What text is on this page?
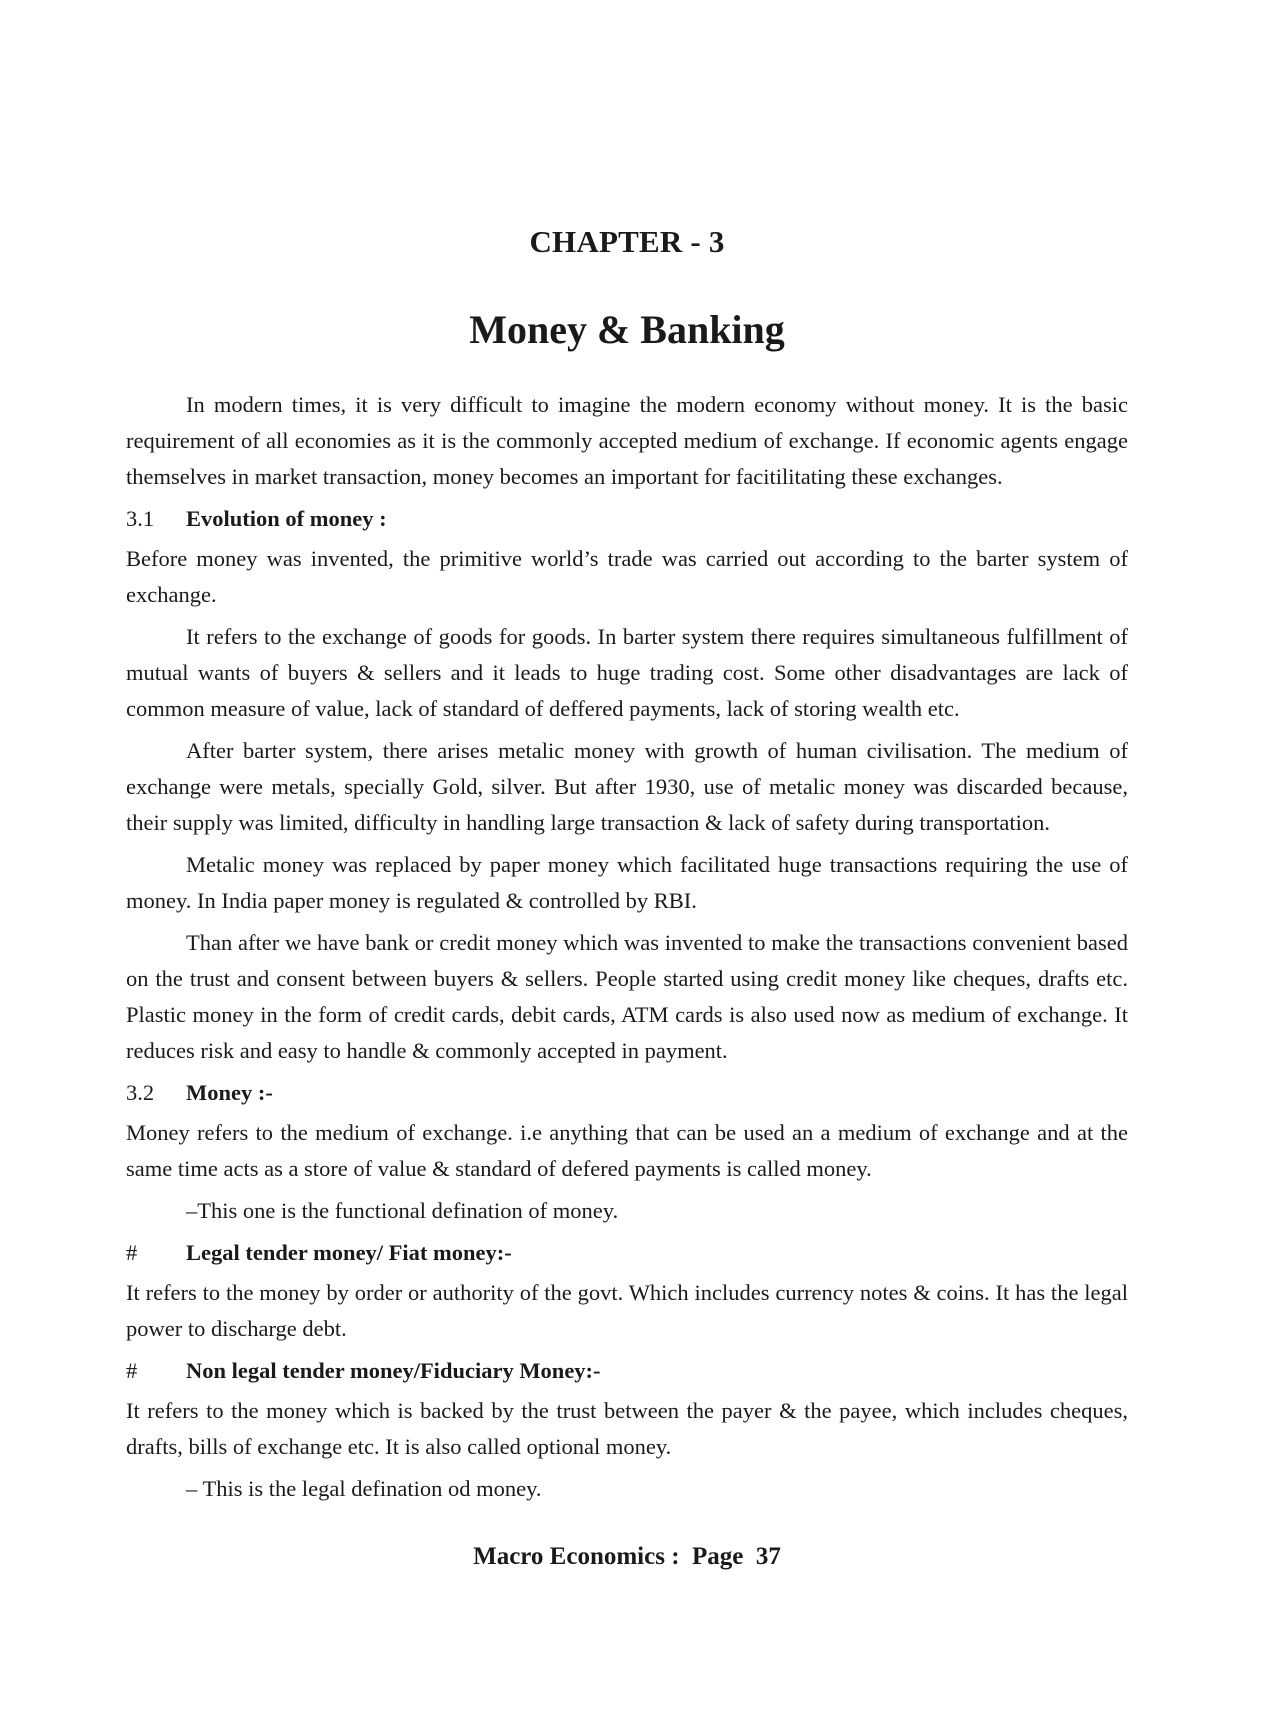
CHAPTER - 3
Money & Banking

In modern times, it is very difficult to imagine the modern economy without money. It is the basic requirement of all economies as it is the commonly accepted medium of exchange. If economic agents engage themselves in market transaction, money becomes an important for facitilitating these exchanges.

3.1	Evolution of money :

Before money was invented, the primitive world’s trade was carried out according to the barter system of exchange.

It refers to the exchange of goods for goods. In barter system there requires simultaneous fulfillment of mutual wants of buyers & sellers and it leads to huge trading cost. Some other disadvantages are lack of common measure of value, lack of standard of deffered payments, lack of storing wealth etc.

After barter system, there arises metalic money with growth of human civilisation. The medium of exchange were metals, specially Gold, silver. But after 1930, use of metalic money was discarded because, their supply was limited, difficulty in handling large transaction & lack of safety during transportation.

Metalic money was replaced by paper money which facilitated huge transactions requiring the use of money. In India paper money is regulated & controlled by RBI.

Than after we have bank or credit money which was invented to make the transactions convenient based on the trust and consent between buyers & sellers. People started using credit money like cheques, drafts etc. Plastic money in the form of credit cards, debit cards, ATM cards is also used now as medium of exchange. It reduces risk and easy to handle & commonly accepted in payment.

3.2	Money :-

Money refers to the medium of exchange. i.e anything that can be used an a medium of exchange and at the same time acts as a store of value & standard of defered payments is called money.

–This one is the functional defination of money.

#	Legal tender money/ Fiat money:-

It refers to the money by order or authority of the govt. Which includes currency notes & coins. It has the legal power to discharge debt.

#	Non legal tender money/Fiduciary Money:-

It refers to the money which is backed by the trust between the payer & the payee, which includes cheques, drafts, bills of exchange etc. It is also called optional money.

– This is the legal defination od money.

Macro Economics :  Page  37
